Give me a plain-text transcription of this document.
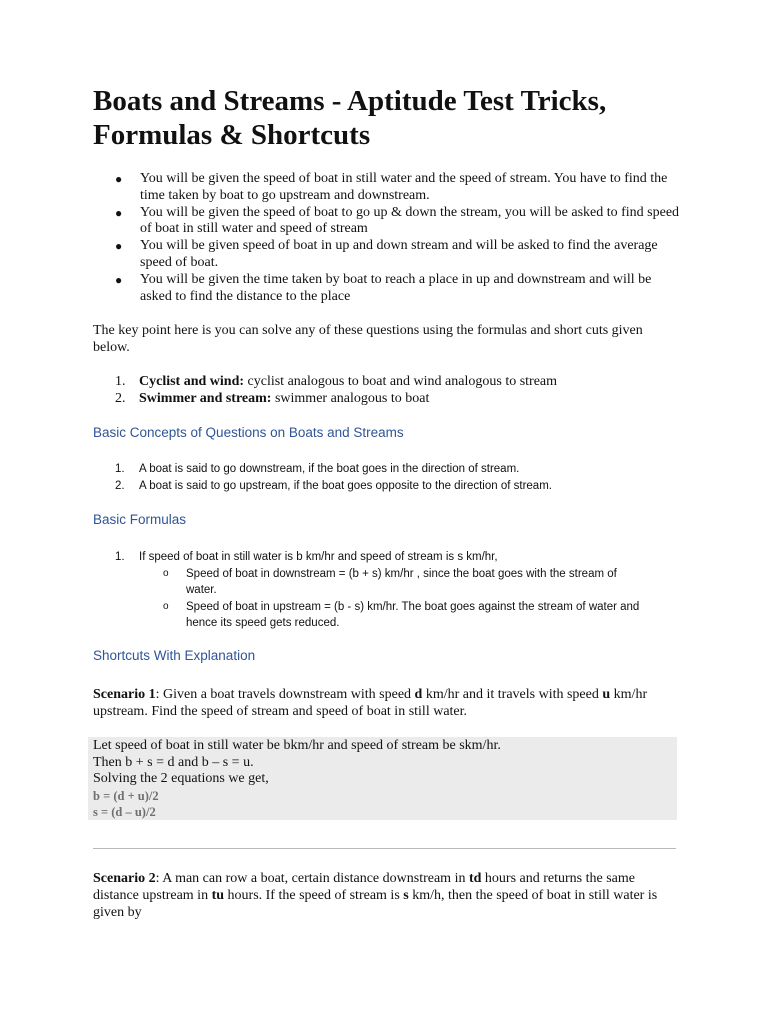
Boats and Streams - Aptitude Test Tricks, Formulas & Shortcuts
● You will be given the speed of boat in still water and the speed of stream. You have to find the time taken by boat to go upstream and downstream.
● You will be given the speed of boat to go up & down the stream, you will be asked to find speed of boat in still water and speed of stream
● You will be given speed of boat in up and down stream and will be asked to find the average speed of boat.
● You will be given the time taken by boat to reach a place in up and downstream and will be asked to find the distance to the place

The key point here is you can solve any of these questions using the formulas and short cuts given below.

1. Cyclist and wind: cyclist analogous to boat and wind analogous to stream
2. Swimmer and stream: swimmer analogous to boat
Basic Concepts of Questions on Boats and Streams
1. A boat is said to go downstream, if the boat goes in the direction of stream.
2. A boat is said to go upstream, if the boat goes opposite to the direction of stream.
Basic Formulas
1. If speed of boat in still water is b km/hr and speed of stream is s km/hr,
o Speed of boat in downstream = (b + s) km/hr , since the boat goes with the stream of water.
o Speed of boat in upstream = (b - s) km/hr. The boat goes against the stream of water and hence its speed gets reduced.
Shortcuts With Explanation

Scenario 1: Given a boat travels downstream with speed d km/hr and it travels with speed u km/hr upstream. Find the speed of stream and speed of boat in still water.

Let speed of boat in still water be bkm/hr and speed of stream be skm/hr.
Then b + s = d and b – s = u.
Solving the 2 equations we get,
b = (d + u)/2
s = (d – u)/2

Scenario 2: A man can row a boat, certain distance downstream in td hours and returns the same distance upstream in tu hours. If the speed of stream is s km/h, then the speed of boat in still water is given by
